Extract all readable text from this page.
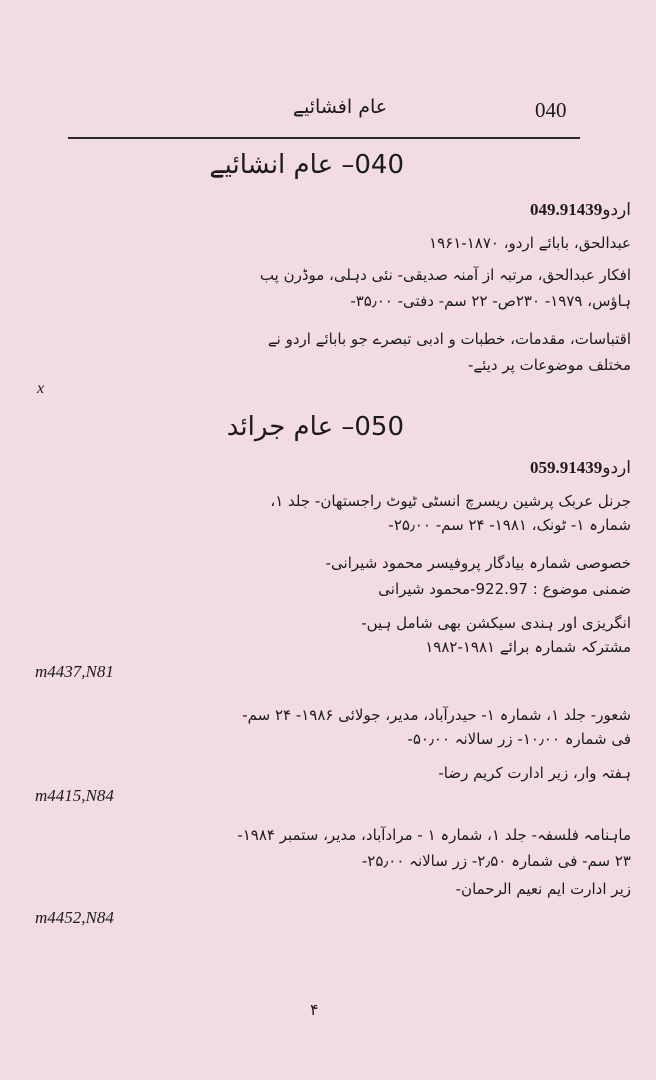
040
عام افشائیے
040– عام انشائیے
049.91439اردو
عبدالحق، بابائے اردو، ۱۸۷۰-۱۹۶۱
افکار عبدالحق، مرتبہ از آمنہ صدیقی- نئی دہلی، موڈرن پب
ہاؤس، ۱۹۷۹- ۲۳۰ص- ۲۲ سم- دفتی- ۳۵٫۰۰-
اقتباسات، مقدمات، خطبات و ادبی تبصرے جو بابائے اردو نے
مختلف موضوعات پر دیئے-
x
050– عام جرائد
059.91439اردو
جرنل عربک پرشین ریسرچ انسٹی ٹیوٹ راجستھان- جلد ۱،
شمارہ ۱- ٹونک، ۱۹۸۱- ۲۴ سم- ۲۵٫۰۰-
خصوصی شمارہ بیادگار پروفیسر محمود شیرانی-
ضمنی موضوع : 922.97-محمود شیرانی
انگریزی اور ہندی سیکشن بھی شامل ہیں-
مشترکہ شمارہ برائے ۱۹۸۱-۱۹۸۲
m4437,N81
شعور- جلد ۱، شمارہ ۱- حیدرآباد، مدیر، جولائی ۱۹۸۶- ۲۴ سم-
فی شمارہ ۱۰٫۰۰- زر سالانہ ۵۰٫۰۰-
ہفتہ وار، زیر ادارت کریم رضا-
m4415,N84
ماہنامہ فلسفہ- جلد ۱، شمارہ ۱ - مرادآباد، مدیر، ستمبر ۱۹۸۴-
۲۳ سم- فی شمارہ ۲٫۵۰- زر سالانہ ۲۵٫۰۰-
زیر ادارت ایم نعیم الرحمان-
m4452,N84
۴
